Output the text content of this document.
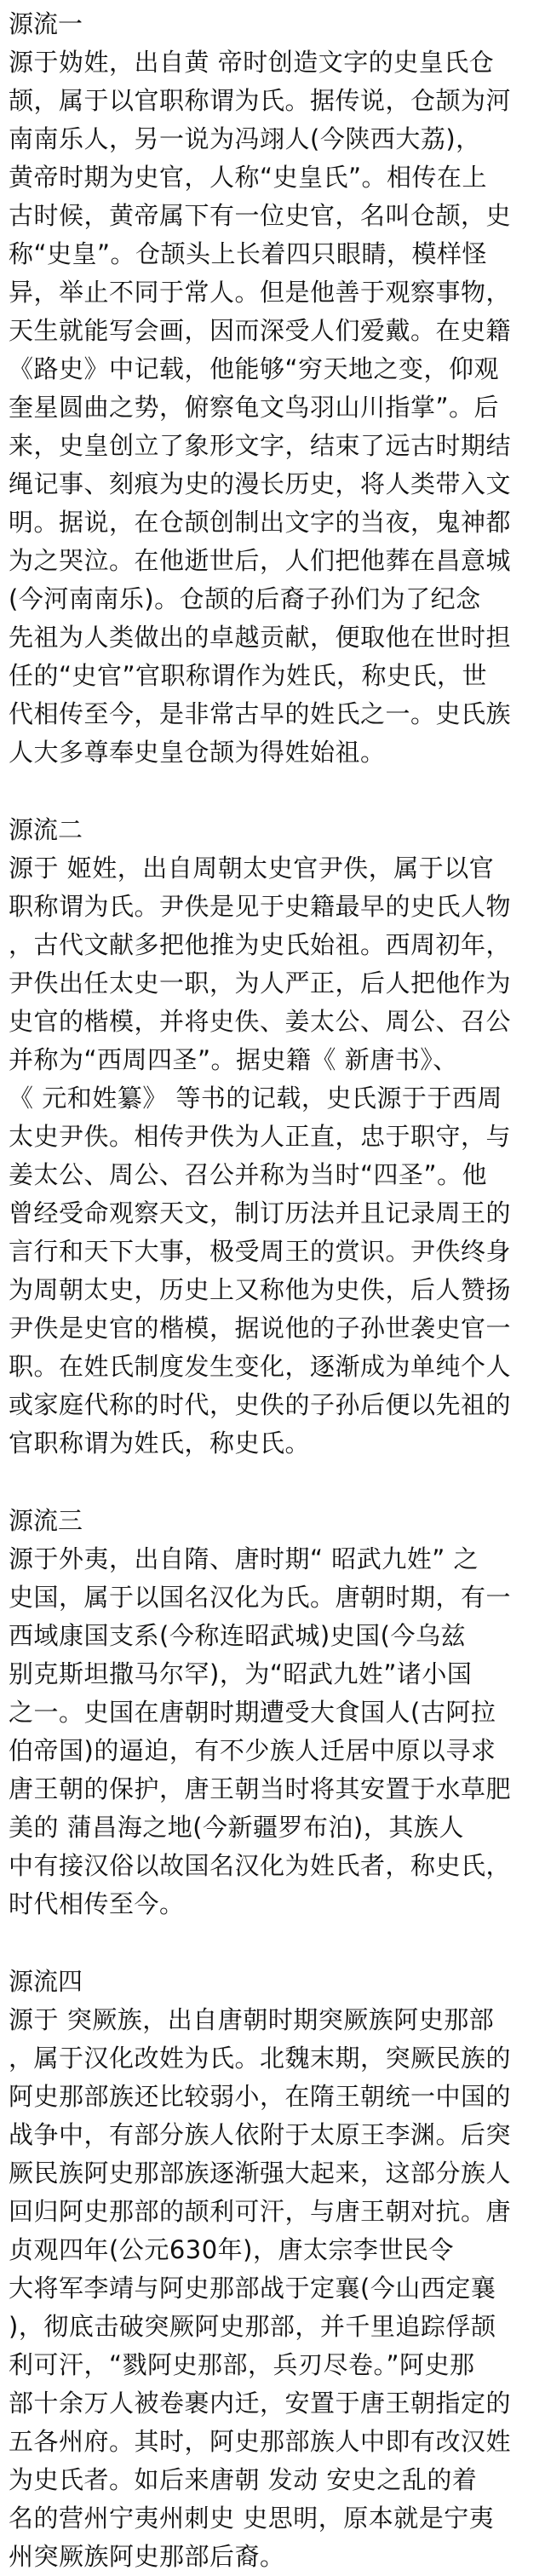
源流一
源于妫姓，出自黄 帝时创造文字的史皇氏仓
颉，属于以官职称谓为氏。据传说，仓颉为河
南南乐人，另一说为冯翊人(今陕西大荔)，
黄帝时期为史官，人称“史皇氏”。相传在上
古时候，黄帝属下有一位史官，名叫仓颉，史
称“史皇”。仓颉头上长着四只眼睛，模样怪
异，举止不同于常人。但是他善于观察事物，
天生就能写会画，因而深受人们爱戴。在史籍
《路史》中记载，他能够“穷天地之变，仰观
奎星圆曲之势，俯察龟文鸟羽山川指掌”。后
来，史皇创立了象形文字，结束了远古时期结
绳记事、刻痕为史的漫长历史，将人类带入文
明。据说，在仓颉创制出文字的当夜，鬼神都
为之哭泣。在他逝世后，人们把他葬在昌意城
(今河南南乐)。仓颉的后裔子孙们为了纪念
先祖为人类做出的卓越贡献，便取他在世时担
任的“史官”官职称谓作为姓氏，称史氏，世
代相传至今，是非常古早的姓氏之一。史氏族
人大多尊奉史皇仓颉为得姓始祖。
源流二
源于 姬姓，出自周朝太史官尹佚，属于以官
职称谓为氏。尹佚是见于史籍最早的史氏人物
，古代文献多把他推为史氏始祖。西周初年，
尹佚出任太史一职，为人严正，后人把他作为
史官的楷模，并将史佚、姜太公、周公、召公
并称为“西周四圣”。据史籍《 新唐书》、
《 元和姓纂》 等书的记载，史氏源于于西周
太史尹佚。相传尹佚为人正直，忠于职守，与
姜太公、周公、召公并称为当时“四圣”。他
曾经受命观察天文，制订历法并且记录周王的
言行和天下大事，极受周王的赏识。尹佚终身
为周朝太史，历史上又称他为史佚，后人赞扬
尹佚是史官的楷模，据说他的子孙世袭史官一
职。在姓氏制度发生变化，逐渐成为单纯个人
或家庭代称的时代，史佚的子孙后便以先祖的
官职称谓为姓氏，称史氏。
源流三
源于外夷，出自隋、唐时期“ 昭武九姓” 之
史国，属于以国名汉化为氏。唐朝时期，有一
西域康国支系(今称连昭武城)史国(今乌兹
别克斯坦撒马尔罕)，为“昭武九姓”诸小国
之一。史国在唐朝时期遭受大食国人(古阿拉
伯帝国)的逼迫，有不少族人迁居中原以寻求
唐王朝的保护，唐王朝当时将其安置于水草肥
美的 蒲昌海之地(今新疆罗布泊)，其族人
中有接汉俗以故国名汉化为姓氏者，称史氏，
时代相传至今。
源流四
源于 突厥族，出自唐朝时期突厥族阿史那部
，属于汉化改姓为氏。北魏末期，突厥民族的
阿史那部族还比较弱小，在隋王朝统一中国的
战争中，有部分族人依附于太原王李渊。后突
厥民族阿史那部族逐渐强大起来，这部分族人
回归阿史那部的颉利可汗，与唐王朝对抗。唐
贞观四年(公元630年)，唐太宗李世民令
大将军李靖与阿史那部战于定襄(今山西定襄
)，彻底击破突厥阿史那部，并千里追踪俘颉
利可汗，“戮阿史那部，兵刃尽卷。”阿史那
部十余万人被卷裹内迁，安置于唐王朝指定的
五各州府。其时，阿史那部族人中即有改汉姓
为史氏者。如后来唐朝 发动 安史之乱的着
名的营州宁夷州刺史 史思明，原本就是宁夷
州突厥族阿史那部后裔。
